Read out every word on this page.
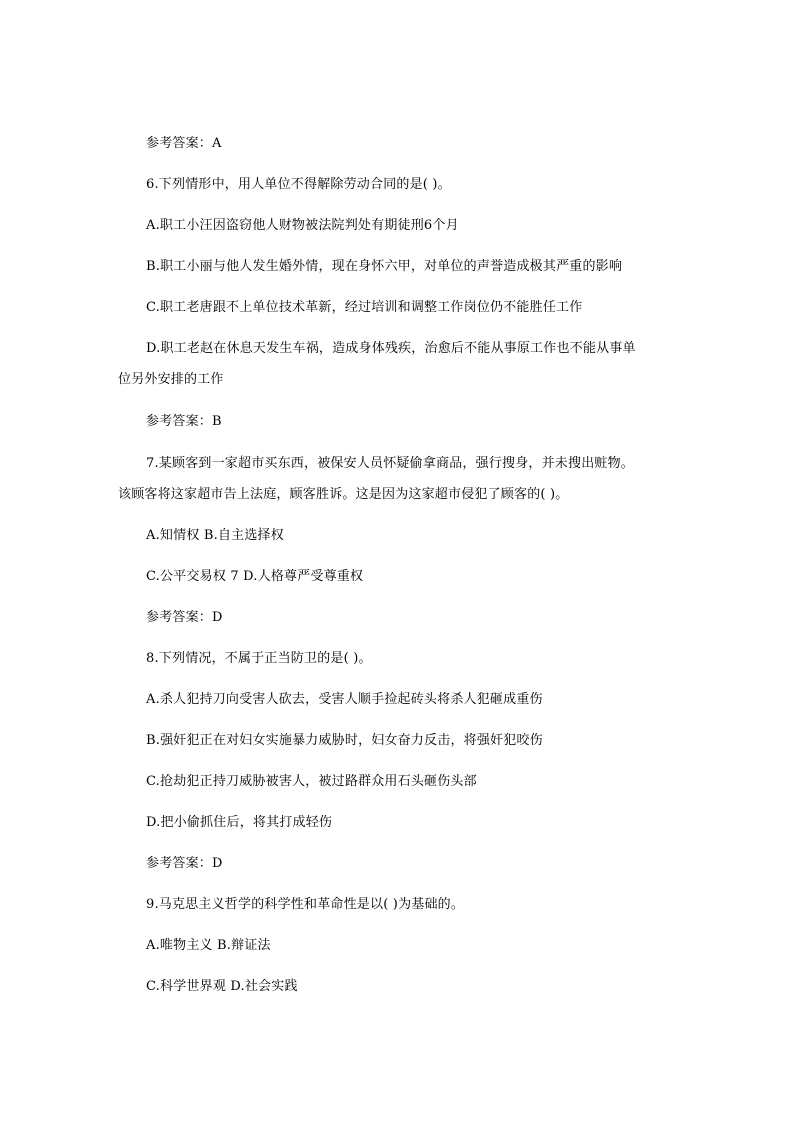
参考答案：A
6.下列情形中，用人单位不得解除劳动合同的是( )。
A.职工小汪因盗窃他人财物被法院判处有期徒刑6个月
B.职工小丽与他人发生婚外情，现在身怀六甲，对单位的声誉造成极其严重的影响
C.职工老唐跟不上单位技术革新，经过培训和调整工作岗位仍不能胜任工作
D.职工老赵在休息天发生车祸，造成身体残疾，治愈后不能从事原工作也不能从事单
位另外安排的工作
参考答案：B
7.某顾客到一家超市买东西，被保安人员怀疑偷拿商品，强行搜身，并未搜出赃物。
该顾客将这家超市告上法庭，顾客胜诉。这是因为这家超市侵犯了顾客的( )。
A.知情权 B.自主选择权
C.公平交易权 7 D.人格尊严受尊重权
参考答案：D
8.下列情况，不属于正当防卫的是( )。
A.杀人犯持刀向受害人砍去，受害人顺手捡起砖头将杀人犯砸成重伤
B.强奸犯正在对妇女实施暴力威胁时，妇女奋力反击，将强奸犯咬伤
C.抢劫犯正持刀威胁被害人，被过路群众用石头砸伤头部
D.把小偷抓住后，将其打成轻伤
参考答案：D
9.马克思主义哲学的科学性和革命性是以( )为基础的。
A.唯物主义 B.辩证法
C.科学世界观 D.社会实践
